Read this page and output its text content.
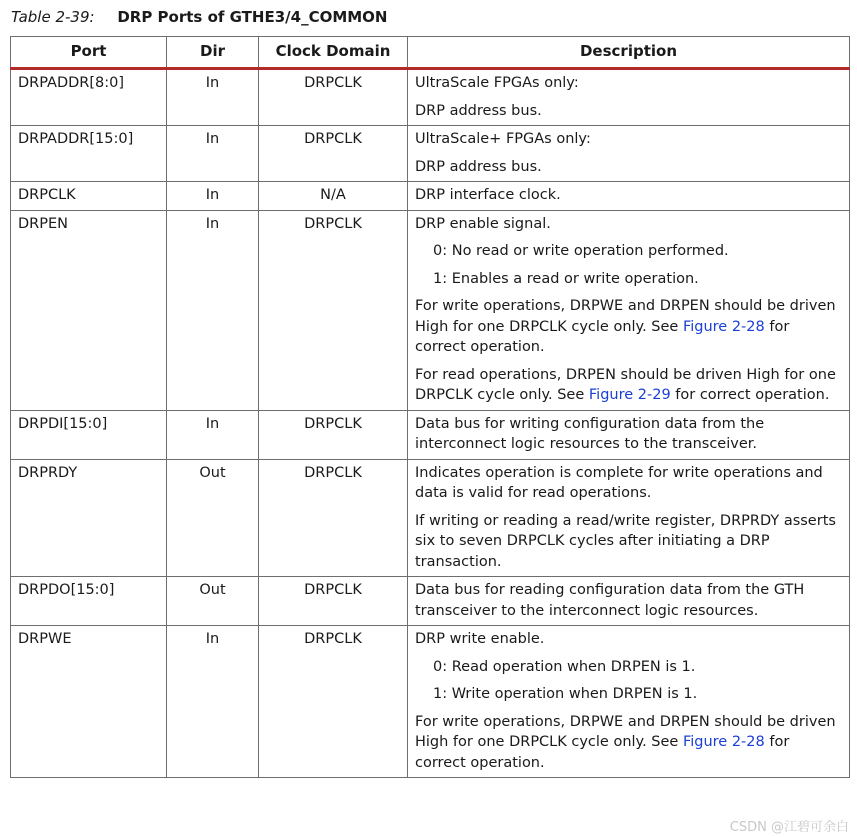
Table 2-39: DRP Ports of GTHE3/4_COMMON
Port	Dir	Clock Domain	Description
DRPADDR[8:0]	In	DRPCLK	UltraScale FPGAs only:

DRP address bus.

DRPADDR[15:0]	In	DRPCLK	UltraScale+ FPGAs only:

DRP address bus.

DRPCLK	In	N/A	DRP interface clock.

DRPEN	In	DRPCLK	DRP enable signal.

0: No read or write operation performed.

1: Enables a read or write operation.

For write operations, DRPWE and DRPEN should be driven High for one DRPCLK cycle only. See Figure 2-28 for correct operation.

For read operations, DRPEN should be driven High for one DRPCLK cycle only. See Figure 2-29 for correct operation.

DRPDI[15:0]	In	DRPCLK	Data bus for writing configuration data from the interconnect logic resources to the transceiver.

DRPRDY	Out	DRPCLK	Indicates operation is complete for write operations and data is valid for read operations.

If writing or reading a read/write register, DRPRDY asserts six to seven DRPCLK cycles after initiating a DRP transaction.

DRPDO[15:0]	Out	DRPCLK	Data bus for reading configuration data from the GTH transceiver to the interconnect logic resources.

DRPWE	In	DRPCLK	DRP write enable.

0: Read operation when DRPEN is 1.

1: Write operation when DRPEN is 1.

For write operations, DRPWE and DRPEN should be driven High for one DRPCLK cycle only. See Figure 2-28 for correct operation.

CSDN @江碧可余白
